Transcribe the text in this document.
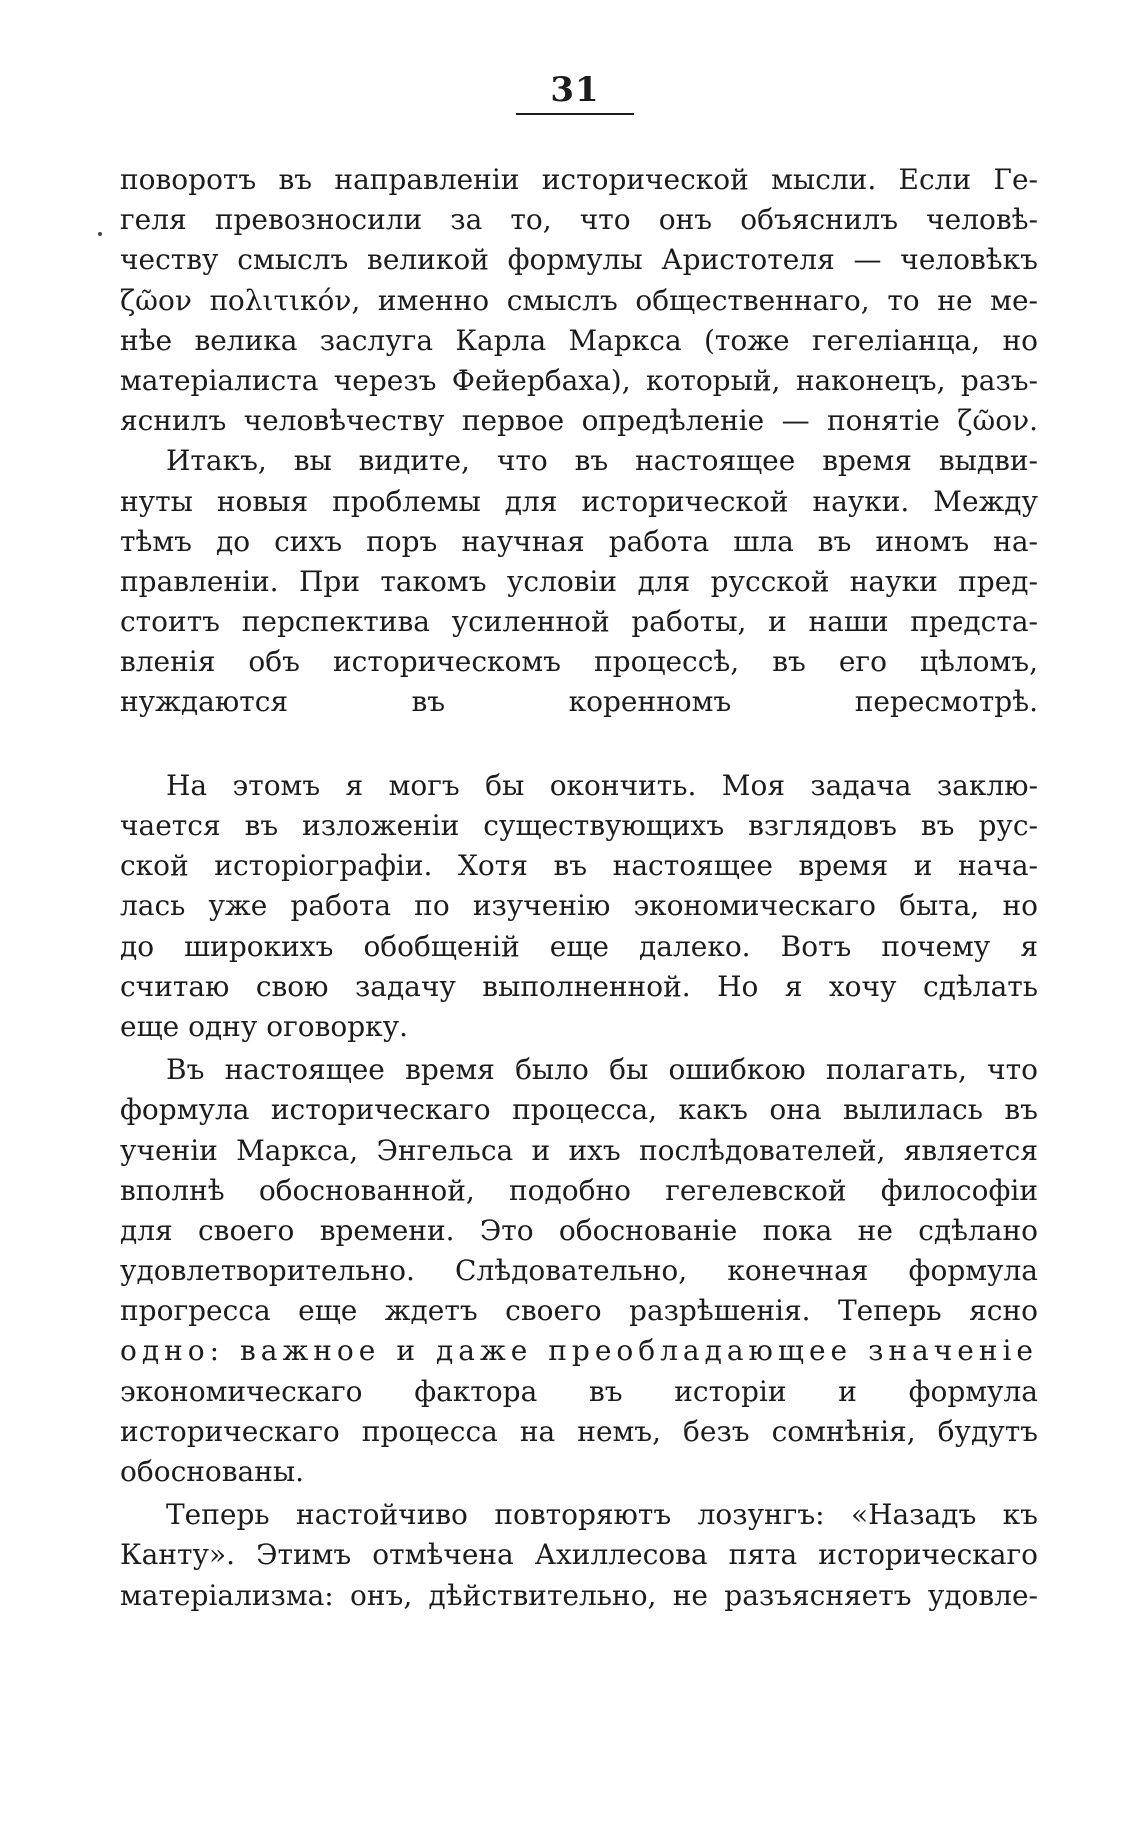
31
поворотъ въ направленіи исторической мысли. Если Ге-
геля превозносили за то, что онъ объяснилъ человѣ-
честву смыслъ великой формулы Аристотеля — человѣкъ
ζῶον πολιτικόν, именно смыслъ общественнаго, то не ме-
нѣе велика заслуга Карла Маркса (тоже гегеліанца, но
матеріалиста черезъ Фейербаха), который, наконецъ, разъ-
яснилъ человѣчеству первое опредѣленіе — понятіе ζῶον.
Итакъ, вы видите, что въ настоящее время выдви-
нуты новыя проблемы для исторической науки. Между
тѣмъ до сихъ поръ научная работа шла въ иномъ на-
правленіи. При такомъ условіи для русской науки пред-
стоитъ перспектива усиленной работы, и наши предста-
вленія объ историческомъ процессѣ, въ его цѣломъ,
нуждаются въ коренномъ пересмотрѣ.
На этомъ я могъ бы окончить. Моя задача заклю-
чается въ изложеніи существующихъ взглядовъ въ рус-
ской исторіографіи. Хотя въ настоящее время и нача-
лась уже работа по изученію экономическаго быта, но
до широкихъ обобщеній еще далеко. Вотъ почему я
считаю свою задачу выполненной. Но я хочу сдѣлать
еще одну оговорку.
Въ настоящее время было бы ошибкою полагать, что
формула историческаго процесса, какъ она вылилась въ
ученіи Маркса, Энгельса и ихъ послѣдователей, является
вполнѣ обоснованной, подобно гегелевской философіи
для своего времени. Это обоснованіе пока не сдѣлано
удовлетворительно. Слѣдовательно, конечная формула
прогресса еще ждетъ своего разрѣшенія. Теперь ясно
одно: важное и даже преобладающее значеніе
экономическаго фактора въ исторіи и формула
историческаго процесса на немъ, безъ сомнѣнія, будутъ
обоснованы.
Теперь настойчиво повторяютъ лозунгъ: «Назадъ къ
Канту». Этимъ отмѣчена Ахиллесова пята историческаго
матеріализма: онъ, дѣйствительно, не разъясняетъ удовле-
